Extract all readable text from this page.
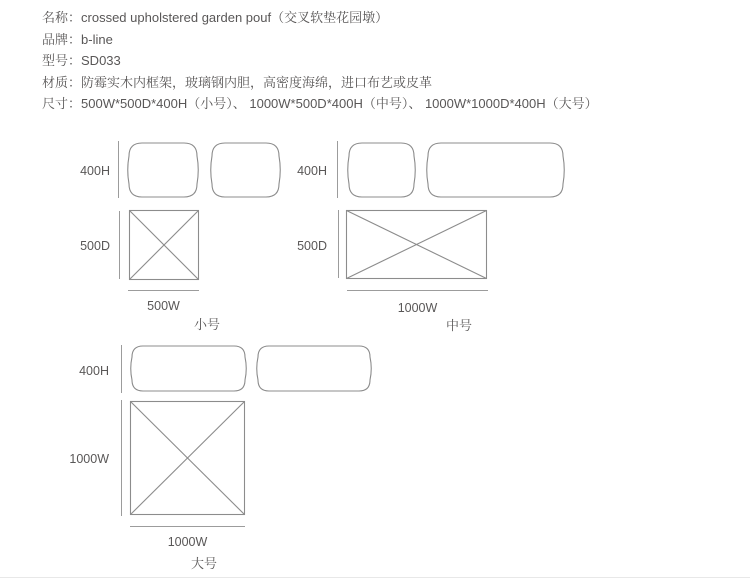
名称：crossed upholstered garden pouf（交叉软垫花园墩）
品牌：b-line
型号：SD033
材质：防霉实木内框架，玻璃钢内胆，高密度海绵，进口布艺或皮革
尺寸：500W*500D*400H（小号）、 1000W*500D*400H（中号）、 1000W*1000D*400H（大号）
400H
500D
500W
小号
400H
500D
1000W
中号
400H
1000W
1000W
大号
